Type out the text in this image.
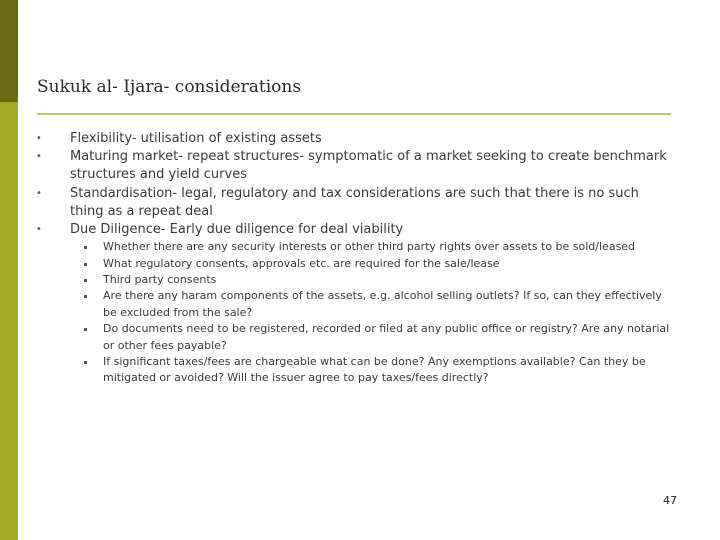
Sukuk al- Ijara- considerations
• Flexibility- utilisation of existing assets
• Maturing market- repeat structures- symptomatic of a market seeking to create benchmark structures and yield curves
• Standardisation- legal, regulatory and tax considerations are such that there is no such thing as a repeat deal
• Due Diligence- Early due diligence for deal viability
Whether there are any security interests or other third party rights over assets to be sold/leased
What regulatory consents, approvals etc. are required for the sale/lease
Third party consents
Are there any haram components of the assets, e.g. alcohol selling outlets? If so, can they effectively be excluded from the sale?
Do documents need to be registered, recorded or filed at any public office or registry? Are any notarial or other fees payable?
If significant taxes/fees are chargeable what can be done? Any exemptions available? Can they be mitigated or avoided? Will the issuer agree to pay taxes/fees directly?
47
